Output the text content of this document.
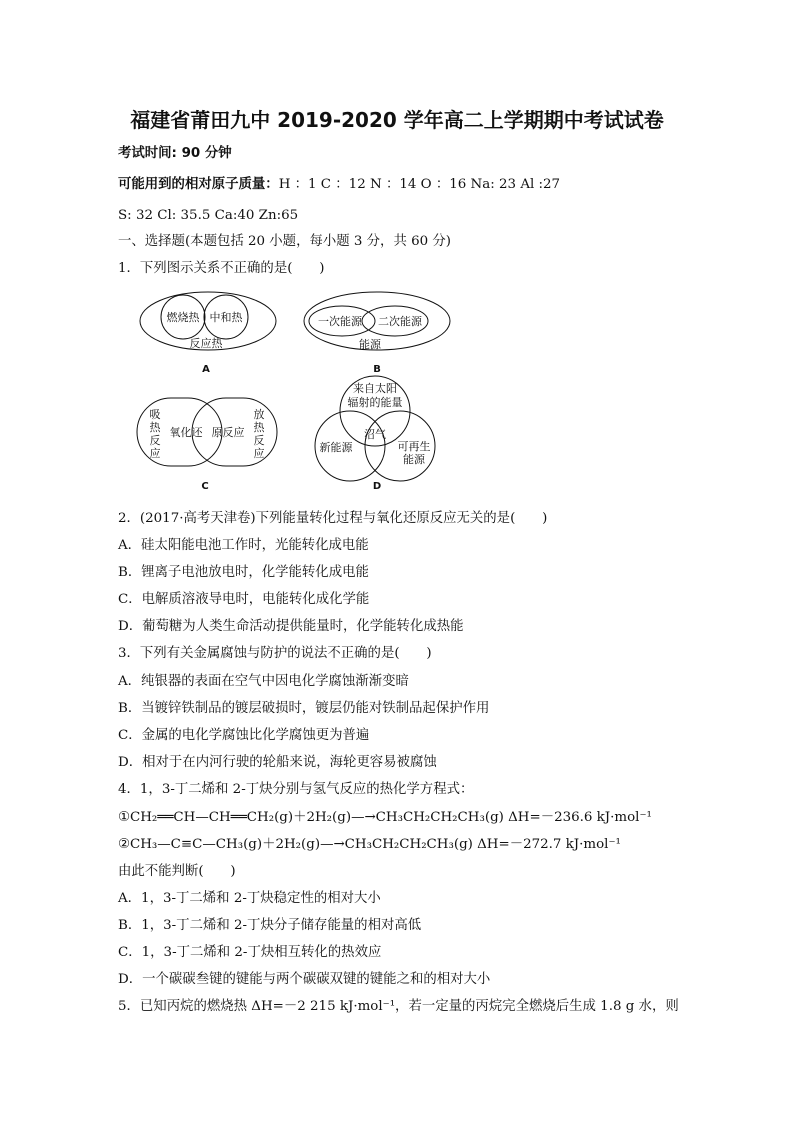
福建省莆田九中 2019-2020 学年高二上学期期中考试试卷
考试时间: 90 分钟
可能用到的相对原子质量：H ：1 C ：12 N ：14 O ：16 Na: 23 Al :27
S: 32 Cl: 35.5 Ca:40 Zn:65
一、选择题(本题包括 20 小题，每小题 3 分，共 60 分)
1．下列图示关系不正确的是(　　)
燃烧热 中和热
反应热
A
一次能源 二次能源
能源
B
吸
热
反
应
放
热
反
应
氧化还 原反应
C
来自太阳
辐射的能量
新能源
沼气
可再生
能源
D
2．(2017·高考天津卷)下列能量转化过程与氧化还原反应无关的是(　　)
A．硅太阳能电池工作时，光能转化成电能
B．锂离子电池放电时，化学能转化成电能
C．电解质溶液导电时，电能转化成化学能
D．葡萄糖为人类生命活动提供能量时，化学能转化成热能
3．下列有关金属腐蚀与防护的说法不正确的是(　　)
A．纯银器的表面在空气中因电化学腐蚀渐渐变暗
B．当镀锌铁制品的镀层破损时，镀层仍能对铁制品起保护作用
C．金属的电化学腐蚀比化学腐蚀更为普遍
D．相对于在内河行驶的轮船来说，海轮更容易被腐蚀
4．1，3-丁二烯和 2-丁炔分别与氢气反应的热化学方程式：
①CH₂══CH—CH══CH₂(g)＋2H₂(g)—→CH₃CH₂CH₂CH₃(g) ΔH=－236.6 kJ·mol⁻¹
②CH₃—C≡C—CH₃(g)＋2H₂(g)—→CH₃CH₂CH₂CH₃(g) ΔH=－272.7 kJ·mol⁻¹
由此不能判断(　　)
A．1，3-丁二烯和 2-丁炔稳定性的相对大小
B．1，3-丁二烯和 2-丁炔分子储存能量的相对高低
C．1，3-丁二烯和 2-丁炔相互转化的热效应
D．一个碳碳叁键的键能与两个碳碳双键的键能之和的相对大小
5．已知丙烷的燃烧热 ΔH=－2 215 kJ·mol⁻¹，若一定量的丙烷完全燃烧后生成 1.8 g 水，则
